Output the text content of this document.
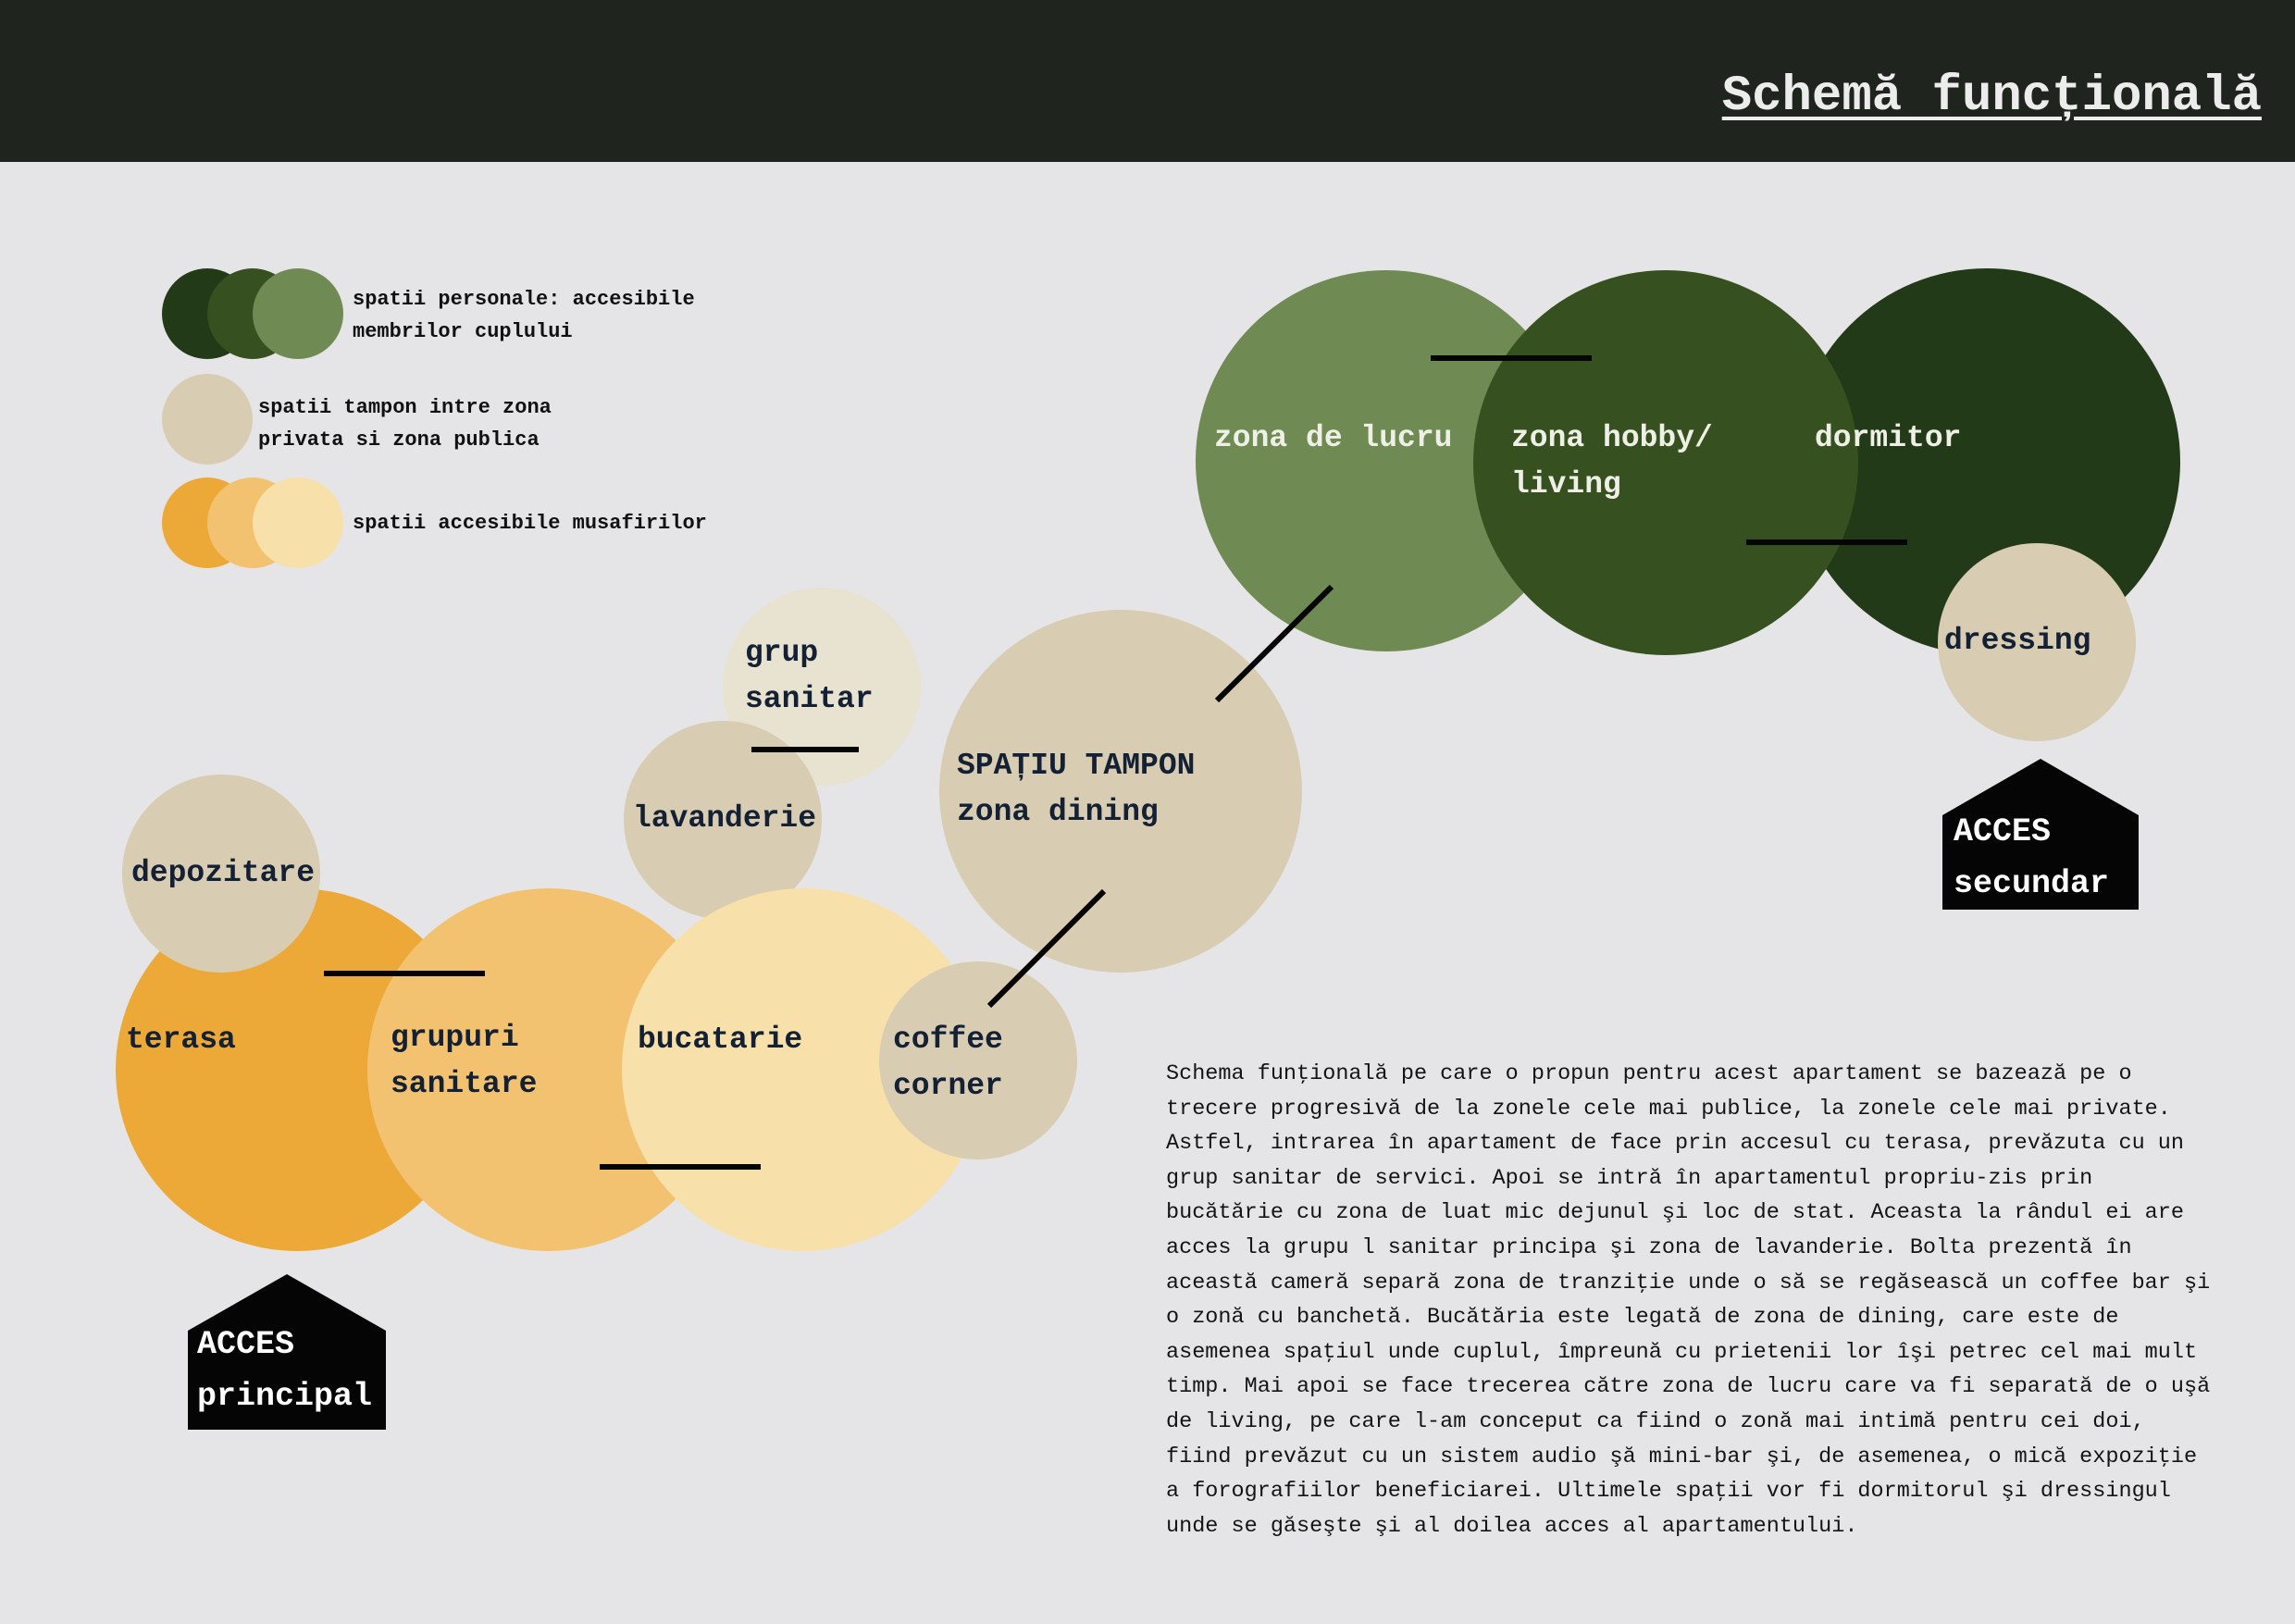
Schemă funcțională
spatii personale: accesibile
membrilor cuplului
spatii tampon intre zona
privata si zona publica
spatii accesibile musafirilor
zona de lucru zona hobby/
living
dormitor
dressing
grup
sanitar
SPAȚIU TAMPON
zona dining
lavanderie
depozitare
terasa	grupuri
sanitare
bucatarie	coffee
corner
ACCES
principal
ACCES
secundar
Schema funţională pe care o propun pentru acest apartament se bazează pe o
trecere progresivă de la zonele cele mai publice, la zonele cele mai private.
Astfel, intrarea în apartament de face prin accesul cu terasa, prevăzuta cu un
grup sanitar de servici. Apoi se intră în apartamentul propriu-zis prin
bucătărie cu zona de luat mic dejunul şi loc de stat. Aceasta la rândul ei are
acces la grupu l sanitar principa şi zona de lavanderie. Bolta prezentă în
această cameră separă zona de tranziţie unde o să se regăsească un coffee bar şi
o zonă cu banchetă. Bucătăria este legată de zona de dining, care este de
asemenea spaţiul unde cuplul, împreună cu prietenii lor îşi petrec cel mai mult
timp. Mai apoi se face trecerea către zona de lucru care va fi separată de o uşă
de living, pe care l-am conceput ca fiind o zonă mai intimă pentru cei doi,
fiind prevăzut cu un sistem audio şă mini-bar şi, de asemenea, o mică expoziţie
a forografiilor beneficiarei. Ultimele spaţii vor fi dormitorul şi dressingul
unde se găseşte şi al doilea acces al apartamentului.
